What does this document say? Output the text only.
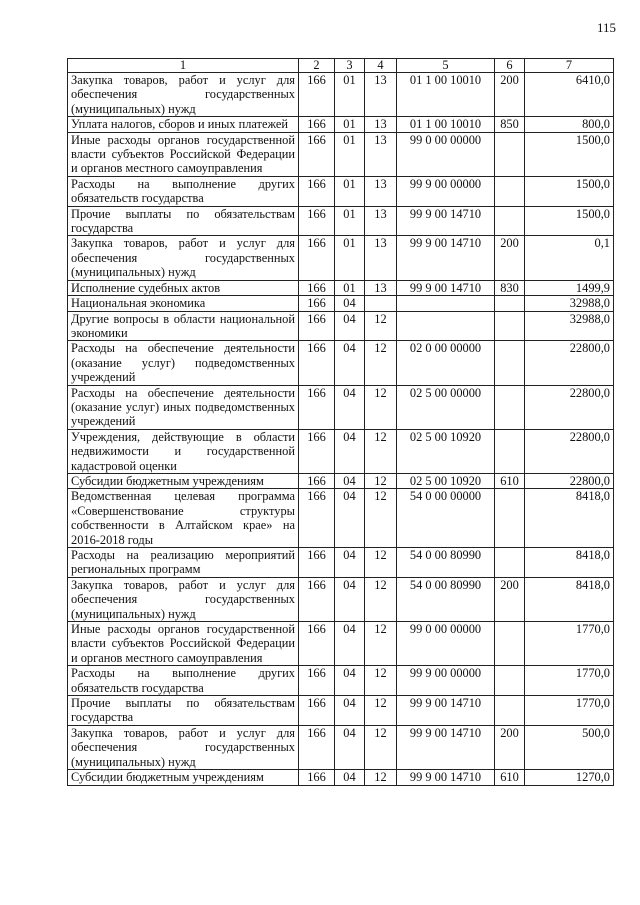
115
1	2	3	4	5	6	7
Закупка товаров, работ и услуг для обеспечения государственных (муниципальных) нужд	166	01	13	01 1 00 10010	200	6410,0
Уплата налогов, сборов и иных платежей	166	01	13	01 1 00 10010	850	800,0
Иные расходы органов государственной власти субъектов Российской Федерации и органов местного самоуправления	166	01	13	99 0 00 00000		1500,0
Расходы на выполнение других обязательств государства	166	01	13	99 9 00 00000		1500,0
Прочие выплаты по обязательствам государства	166	01	13	99 9 00 14710		1500,0
Закупка товаров, работ и услуг для обеспечения государственных (муниципальных) нужд	166	01	13	99 9 00 14710	200	0,1
Исполнение судебных актов	166	01	13	99 9 00 14710	830	1499,9
Национальная экономика	166	04				32988,0
Другие вопросы в области национальной экономики	166	04	12			32988,0
Расходы на обеспечение деятельности (оказание услуг) подведомственных учреждений	166	04	12	02 0 00 00000		22800,0
Расходы на обеспечение деятельности (оказание услуг) иных подведомственных учреждений	166	04	12	02 5 00 00000		22800,0
Учреждения, действующие в области недвижимости и государственной кадастровой оценки	166	04	12	02 5 00 10920		22800,0
Субсидии бюджетным учреждениям	166	04	12	02 5 00 10920	610	22800,0
Ведомственная целевая программа «Совершенствование структуры собственности в Алтайском крае» на 2016-2018 годы	166	04	12	54 0 00 00000		8418,0
Расходы на реализацию мероприятий региональных программ	166	04	12	54 0 00 80990		8418,0
Закупка товаров, работ и услуг для обеспечения государственных (муниципальных) нужд	166	04	12	54 0 00 80990	200	8418,0
Иные расходы органов государственной власти субъектов Российской Федерации и органов местного самоуправления	166	04	12	99 0 00 00000		1770,0
Расходы на выполнение других обязательств государства	166	04	12	99 9 00 00000		1770,0
Прочие выплаты по обязательствам государства	166	04	12	99 9 00 14710		1770,0
Закупка товаров, работ и услуг для обеспечения государственных (муниципальных) нужд	166	04	12	99 9 00 14710	200	500,0
Субсидии бюджетным учреждениям	166	04	12	99 9 00 14710	610	1270,0
